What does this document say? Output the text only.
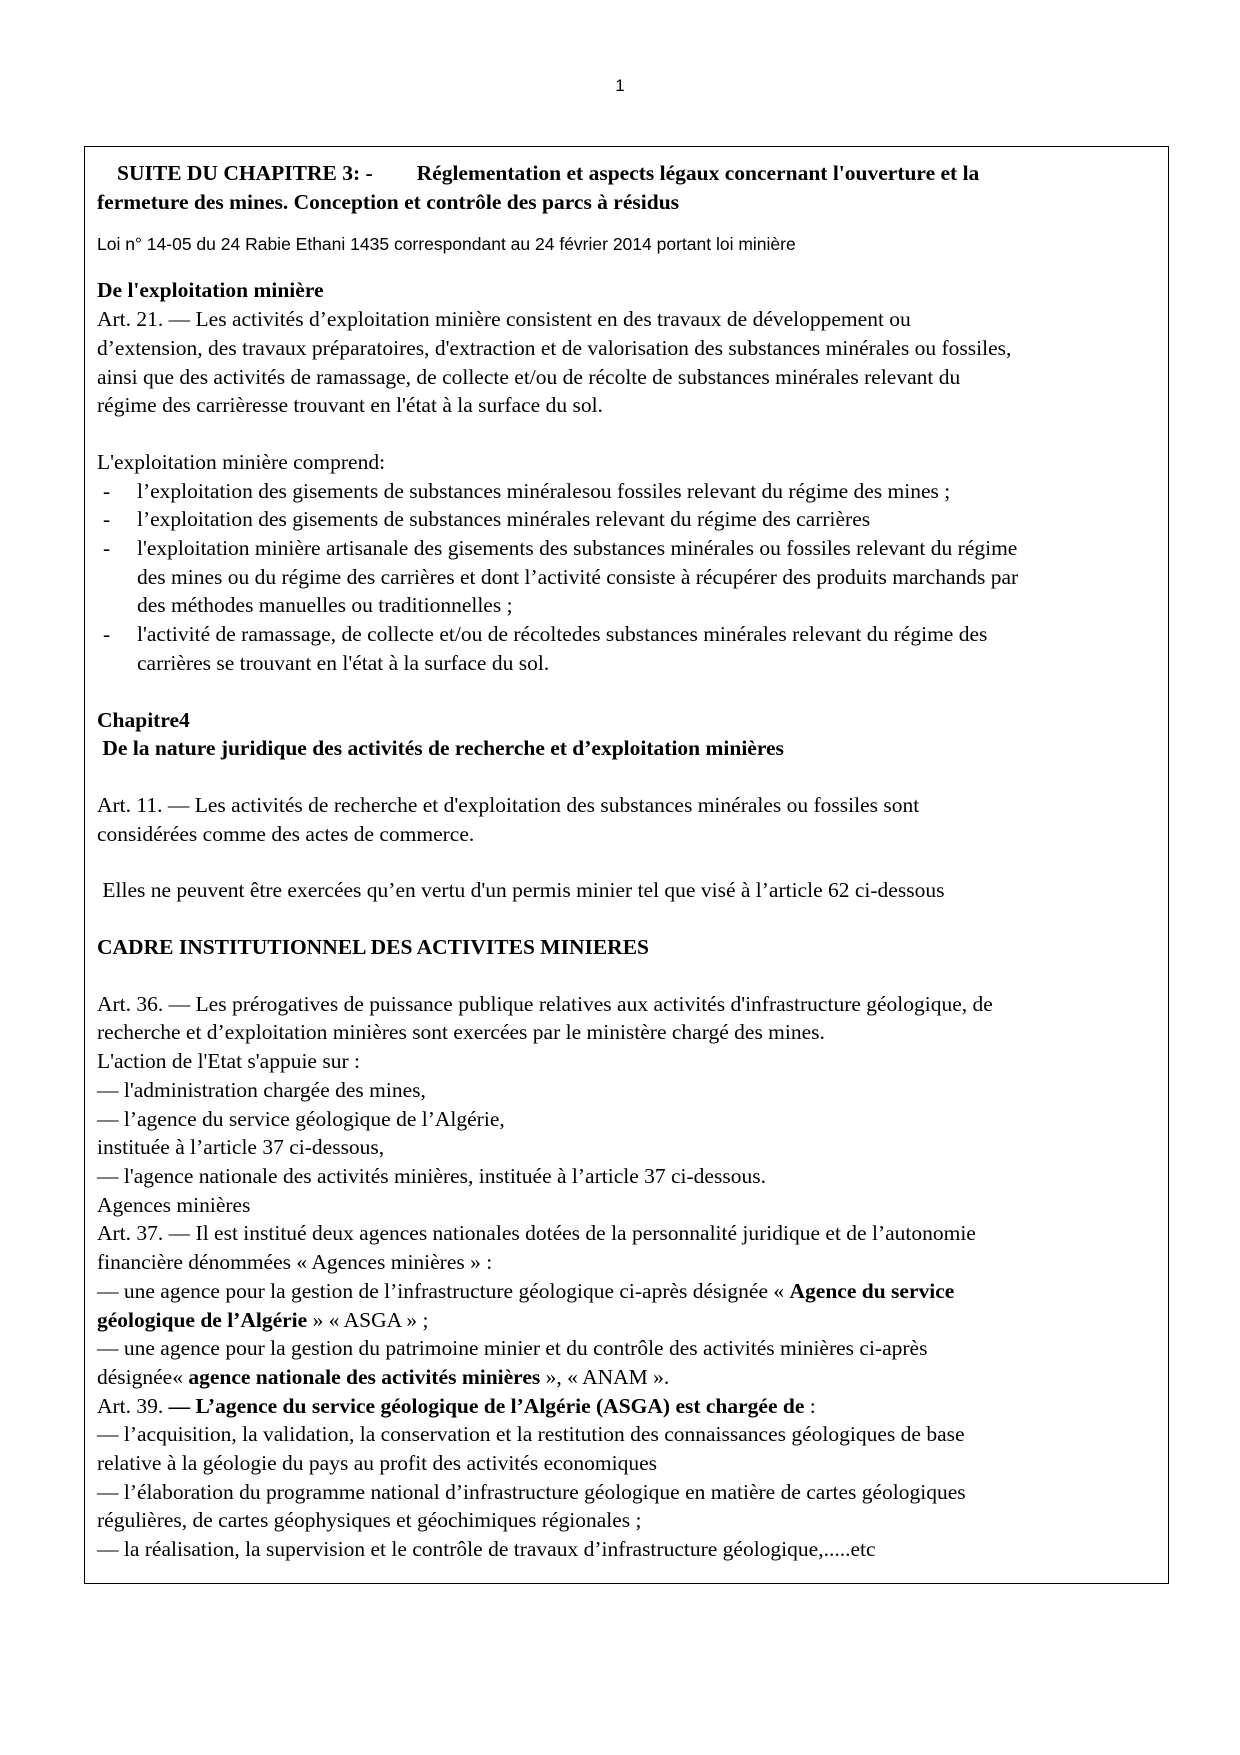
1

SUITE DU CHAPITRE 3: - Réglementation et aspects légaux concernant l'ouverture et la

fermeture des mines. Conception et contrôle des parcs à résidus

Loi n° 14-05 du 24 Rabie Ethani 1435 correspondant au 24 février 2014 portant loi minière

De l'exploitation minière

Art. 21. — Les activités d’exploitation minière consistent en des travaux de développement ou

d’extension, des travaux préparatoires, d'extraction et de valorisation des substances minérales ou fossiles,

ainsi que des activités de ramassage, de collecte et/ou de récolte de substances minérales relevant du

régime des carrièresse trouvant en l'état à la surface du sol.

L'exploitation minière comprend:

-	l’exploitation des gisements de substances minéralesou fossiles relevant du régime des mines ;
-	l’exploitation des gisements de substances minérales relevant du régime des carrières
-	l'exploitation minière artisanale des gisements des substances minérales ou fossiles relevant du régime
des mines ou du régime des carrières et dont l’activité consiste à récupérer des produits marchands par
des méthodes manuelles ou traditionnelles ;
-	l'activité de ramassage, de collecte et/ou de récoltedes substances minérales relevant du régime des
carrières se trouvant en l'état à la surface du sol.

Chapitre4

De la nature juridique des activités de recherche et d’exploitation minières

Art. 11. — Les activités de recherche et d'exploitation des substances minérales ou fossiles sont

considérées comme des actes de commerce.

Elles ne peuvent être exercées qu’en vertu d'un permis minier tel que visé à l’article 62 ci-dessous

CADRE INSTITUTIONNEL DES ACTIVITES MINIERES

Art. 36. — Les prérogatives de puissance publique relatives aux activités d'infrastructure géologique, de

recherche et d’exploitation minières sont exercées par le ministère chargé des mines.

L'action de l'Etat s'appuie sur :

— l'administration chargée des mines,

— l’agence du service géologique de l’Algérie,

instituée à l’article 37 ci-dessous,

— l'agence nationale des activités minières, instituée à l’article 37 ci-dessous.

Agences minières

Art. 37. — Il est institué deux agences nationales dotées de la personnalité juridique et de l’autonomie

financière dénommées « Agences minières » :

— une agence pour la gestion de l’infrastructure géologique ci-après désignée « Agence du service

géologique de l’Algérie » « ASGA » ;

— une agence pour la gestion du patrimoine minier et du contrôle des activités minières ci-après

désignée« agence nationale des activités minières », « ANAM ».

Art. 39. — L’agence du service géologique de l’Algérie (ASGA) est chargée de :

— l’acquisition, la validation, la conservation et la restitution des connaissances géologiques de base

relative à la géologie du pays au profit des activités economiques

— l’élaboration du programme national d’infrastructure géologique en matière de cartes géologiques

régulières, de cartes géophysiques et géochimiques régionales ;

— la réalisation, la supervision et le contrôle de travaux d’infrastructure géologique,.....etc
